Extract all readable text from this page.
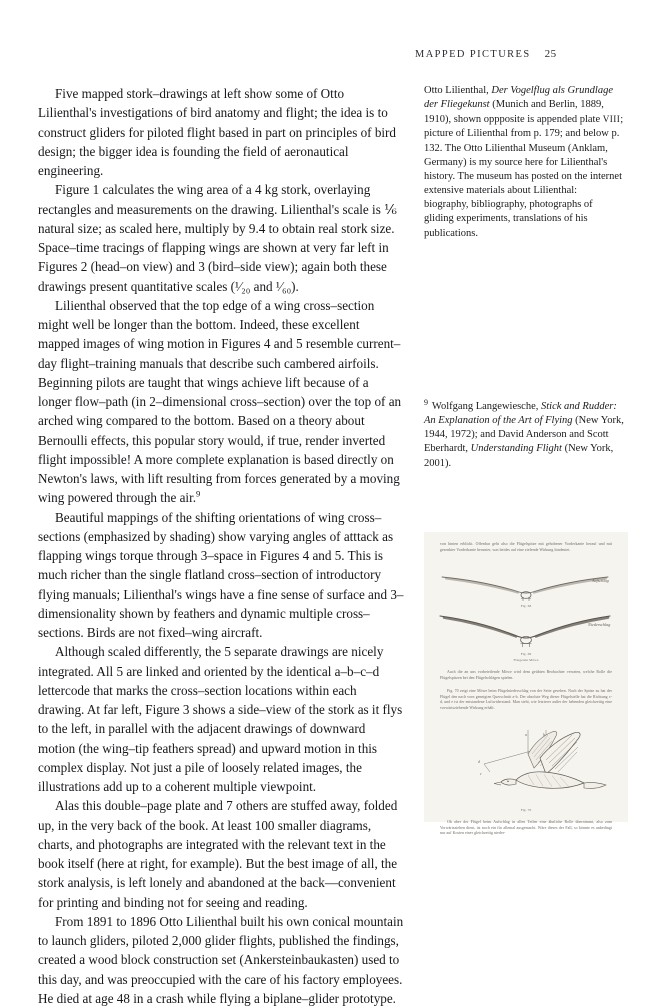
MAPPED PICTURES 25

Five mapped stork–drawings at left show some of Otto Lilienthal's investigations of bird anatomy and flight; the idea is to construct gliders for piloted flight based in part on principles of bird design; the bigger idea is founding the field of aeronautical engineering.

Figure 1 calculates the wing area of a 4 kg stork, overlaying rectangles and measurements on the drawing. Lilienthal's scale is ⅙ natural size; as scaled here, multiply by 9.4 to obtain real stork size. Space–time tracings of flapping wings are shown at very far left in Figures 2 (head–on view) and 3 (bird–side view); again both these drawings present quantitative scales (¹⁄₂₀ and ¹⁄₆₀).

Lilienthal observed that the top edge of a wing cross–section might well be longer than the bottom. Indeed, these excellent mapped images of wing motion in Figures 4 and 5 resemble current–day flight–training manuals that describe such cambered airfoils. Beginning pilots are taught that wings achieve lift because of a longer flow–path (in 2–dimensional cross–section) over the top of an arched wing compared to the bottom. Based on a theory about Bernoulli effects, this popular story would, if true, render inverted flight impossible! A more complete explanation is based directly on Newton's laws, with lift resulting from forces generated by a moving wing powered through the air.$^9$

Beautiful mappings of the shifting orientations of wing cross–sections (emphasized by shading) show varying angles of atttack as flapping wings torque through 3–space in Figures 4 and 5. This is much richer than the single flatland cross–section of introductory flying manuals; Lilienthal's wings have a fine sense of surface and 3–dimensionality shown by feathers and dynamic multiple cross–sections. Birds are not fixed–wing aircraft.

Although scaled differently, the 5 separate drawings are nicely integrated. All 5 are linked and oriented by the identical a–b–c–d lettercode that marks the cross–section locations within each drawing. At far left, Figure 3 shows a side–view of the stork as it flys to the left, in parallel with the adjacent drawings of downward motion (the wing–tip feathers spread) and upward motion in this complex display. Not just a pile of loosely related images, the illustrations add up to a coherent multiple viewpoint.

Alas this double–page plate and 7 others are stuffed away, folded up, in the very back of the book. At least 100 smaller diagrams, charts, and photographs are integrated with the relevant text in the book itself (here at right, for example). But the best image of all, the stork analysis, is left lonely and abandoned at the back—convenient for printing and binding not for seeing and reading.

From 1891 to 1896 Otto Lilienthal built his own conical mountain to launch gliders, piloted 2,000 glider flights, published the findings, created a wood block construction set (Ankersteinbaukasten) used to this day, and was preoccupied with the care of his factory employees. He died at age 48 in a crash while flying a biplane–glider prototype.

Otto Lilienthal, Der Vogelflug als Grundlage der Fliegekunst (Munich and Berlin, 1889, 1910), shown oppposite is appended plate VIII; picture of Lilienthal from p. 179; and below p. 132. The Otto Lilienthal Museum (Anklam, Germany) is my source here for Lilienthal's history. The museum has posted on the internet extensive materials about Lilienthal: biography, bibliography, photographs of gliding experiments, translations of his publications.

$^9$ Wolfgang Langewiesche, Stick and Rudder: An Explanation of the Art of Flying (New York, 1944, 1972); and David Anderson and Scott Eberhardt, Understanding Flight (New York, 2001).

von hinten erblickt. Offenbar geht also die Flügelspitze mit gehobener Vorderkante herauf und mit gesenkter Vorderkante herunter, was beides auf eine zielende Wirkung hindeutet.
Aufschlag
Fig. 68
Niederschlag
Fig. 69
Fliegende Möwe
Auch die an uns vorbeieilende Möwe wird dem geübten Beobachter verraten, welche Rolle die Flügelspitzen bei den Flügelschlägen spielen.
Fig. 70 zeigt eine Möwe beim Flügelniederschlag von der Seite gesehen. Nach der Spitze zu hat der Flügel den nach vorn geneigten Querschnitt a-b. Der absolute Weg dieser Flügelstelle hat die Richtung c-d, und e ist der entstandene Luftwiderstand. Man sieht, wie letzterer außer der hebenden gleichzeitig eine vorwärtsziehende Wirkung erhält.
a	b
d
c
Fig. 70
Ob aber der Flügel beim Aufschlag in allen Teilen eine ähnliche Rolle übernimmt, also zum Vorwärtsziehen dient, ist noch ein für allemal ausgemacht. Wäre dieses der Fall, so könnte es unbedingt nur auf Kosten einer gleichzeitig nieder-
